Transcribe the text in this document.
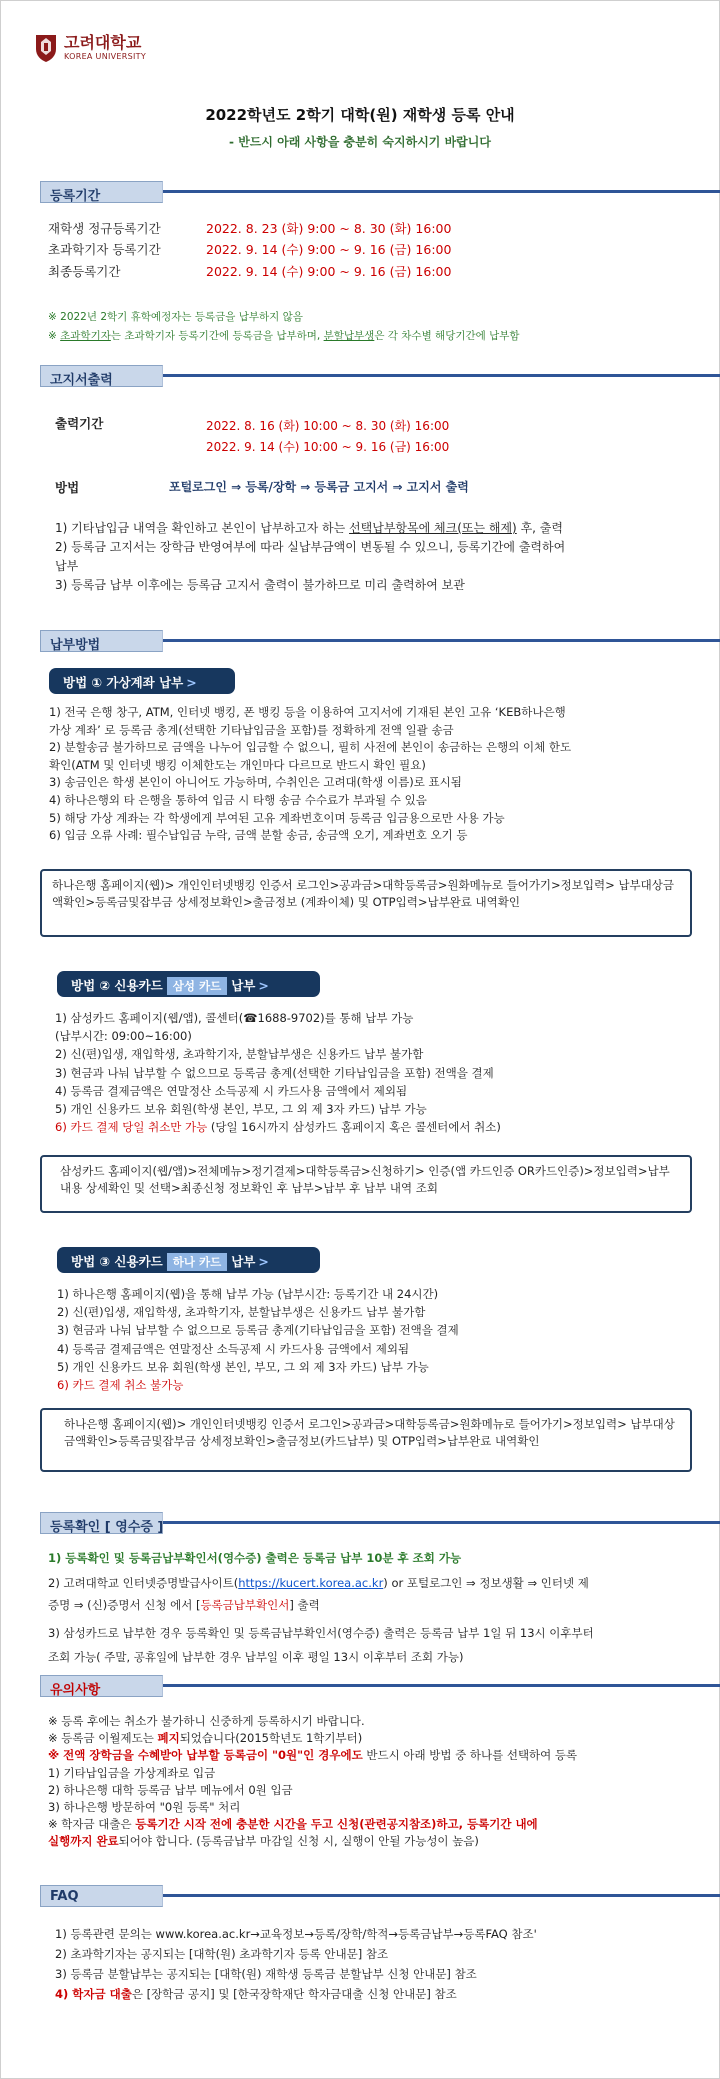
고려대학교
KOREA UNIVERSITY
2022학년도 2학기 대학(원) 재학생 등록 안내
- 반드시 아래 사항을 충분히 숙지하시기 바랍니다
등록기간
재학생 정규등록기간	2022. 8. 23 (화) 9:00 ~ 8. 30 (화) 16:00
초과학기자 등록기간	2022. 9. 14 (수) 9:00 ~ 9. 16 (금) 16:00
최종등록기간	2022. 9. 14 (수) 9:00 ~ 9. 16 (금) 16:00
※ 2022년 2학기 휴학예정자는 등록금을 납부하지 않음
※ 초과학기자는 초과학기자 등록기간에 등록금을 납부하며, 분할납부생은 각 차수별 해당기간에 납부함
고지서출력
출력기간	2022. 8. 16 (화) 10:00 ~ 8. 30 (화) 16:00
2022. 9. 14 (수) 10:00 ~ 9. 16 (금) 16:00
방법	포털로그인 ⇒ 등록/장학 ⇒ 등록금 고지서 ⇒ 고지서 출력
1) 기타납입금 내역을 확인하고 본인이 납부하고자 하는 선택납부항목에 체크(또는 해제) 후, 출력
2) 등록금 고지서는 장학금 반영여부에 따라 실납부금액이 변동될 수 있으니, 등록기간에 출력하여
납부
3) 등록금 납부 이후에는 등록금 고지서 출력이 불가하므로 미리 출력하여 보관
납부방법
방법 ① 가상계좌 납부 >
1) 전국 은행 창구, ATM, 인터넷 뱅킹, 폰 뱅킹 등을 이용하여 고지서에 기재된 본인 고유 ‘KEB하나은행
가상 계좌’ 로 등록금 총계(선택한 기타납입금을 포함)를 정확하게 전액 일괄 송금
2) 분할송금 불가하므로 금액을 나누어 입금할 수 없으니, 필히 사전에 본인이 송금하는 은행의 이체 한도
확인(ATM 및 인터넷 뱅킹 이체한도는 개인마다 다르므로 반드시 확인 필요)
3) 송금인은 학생 본인이 아니어도 가능하며, 수취인은 고려대(학생 이름)로 표시됨
4) 하나은행외 타 은행을 통하여 입금 시 타행 송금 수수료가 부과될 수 있음
5) 해당 가상 계좌는 각 학생에게 부여된 고유 계좌번호이며 등록금 입금용으로만 사용 가능
6) 입금 오류 사례: 필수납입금 누락, 금액 분할 송금, 송금액 오기, 계좌번호 오기 등
하나은행 홈페이지(웹)> 개인인터넷뱅킹 인증서 로그인>공과금>대학등록금>원화메뉴로 들어가기>정보입력> 납부대상금액확인>등록금및잡부금 상세정보확인>출금정보 (계좌이체) 및 OTP입력>납부완료 내역확인
방법 ② 신용카드 삼성 카드 납부 >
1) 삼성카드 홈페이지(웹/앱), 콜센터(☎1688-9702)를 통해 납부 가능
(납부시간: 09:00~16:00)
2) 신(편)입생, 재입학생, 초과학기자, 분할납부생은 신용카드 납부 불가함
3) 현금과 나눠 납부할 수 없으므로 등록금 총계(선택한 기타납입금을 포함) 전액을 결제
4) 등록금 결제금액은 연말정산 소득공제 시 카드사용 금액에서 제외됨
5) 개인 신용카드 보유 회원(학생 본인, 부모, 그 외 제 3자 카드) 납부 가능
6) 카드 결제 당일 취소만 가능 (당일 16시까지 삼성카드 홈페이지 혹은 콜센터에서 취소)
삼성카드 홈페이지(웹/앱)>전체메뉴>정기결제>대학등록금>신청하기> 인증(앱 카드인증 OR카드인증)>정보입력>납부내용 상세확인 및 선택>최종신청 정보확인 후 납부>납부 후 납부 내역 조회
방법 ③ 신용카드 하나 카드 납부 >
1) 하나은행 홈페이지(웹)을 통해 납부 가능 (납부시간: 등록기간 내 24시간)
2) 신(편)입생, 재입학생, 초과학기자, 분할납부생은 신용카드 납부 불가함
3) 현금과 나눠 납부할 수 없으므로 등록금 총계(기타납입금을 포함) 전액을 결제
4) 등록금 결제금액은 연말정산 소득공제 시 카드사용 금액에서 제외됨
5) 개인 신용카드 보유 회원(학생 본인, 부모, 그 외 제 3자 카드) 납부 가능
6) 카드 결제 취소 불가능
하나은행 홈페이지(웹)> 개인인터넷뱅킹 인증서 로그인>공과금>대학등록금>원화메뉴로 들어가기>정보입력> 납부대상금액확인>등록금및잡부금 상세정보확인>출금정보(카드납부) 및 OTP입력>납부완료 내역확인
등록확인 [ 영수증 ]
1) 등록확인 및 등록금납부확인서(영수증) 출력은 등록금 납부 10분 후 조회 가능
2) 고려대학교 인터넷증명발급사이트(https://kucert.korea.ac.kr) or 포털로그인 ⇒ 정보생활 ⇒ 인터넷 제
증명 ⇒ (신)증명서 신청 에서 [등록금납부확인서] 출력
3) 삼성카드로 납부한 경우 등록확인 및 등록금납부확인서(영수증) 출력은 등록금 납부 1일 뒤 13시 이후부터
조회 가능( 주말, 공휴일에 납부한 경우 납부일 이후 평일 13시 이후부터 조회 가능)
유의사항
※ 등록 후에는 취소가 불가하니 신중하게 등록하시기 바랍니다.
※ 등록금 이월제도는 폐지되었습니다(2015학년도 1학기부터)
※ 전액 장학금을 수혜받아 납부할 등록금이 "0원"인 경우에도 반드시 아래 방법 중 하나를 선택하여 등록
1) 기타납입금을 가상계좌로 입금
2) 하나은행 대학 등록금 납부 메뉴에서 0원 입금
3) 하나은행 방문하여 "0원 등록" 처리
※ 학자금 대출은 등록기간 시작 전에 충분한 시간을 두고 신청(관련공지참조)하고, 등록기간 내에
실행까지 완료되어야 합니다. (등록금납부 마감일 신청 시, 실행이 안될 가능성이 높음)
FAQ
1) 등록관련 문의는 www.korea.ac.kr→교육정보→등록/장학/학적→등록금납부→등록FAQ 참조'
2) 초과학기자는 공지되는 [대학(원) 초과학기자 등록 안내문] 참조
3) 등록금 분할납부는 공지되는 [대학(원) 재학생 등록금 분할납부 신청 안내문] 참조
4) 학자금 대출은 [장학금 공지] 및 [한국장학재단 학자금대출 신청 안내문] 참조
